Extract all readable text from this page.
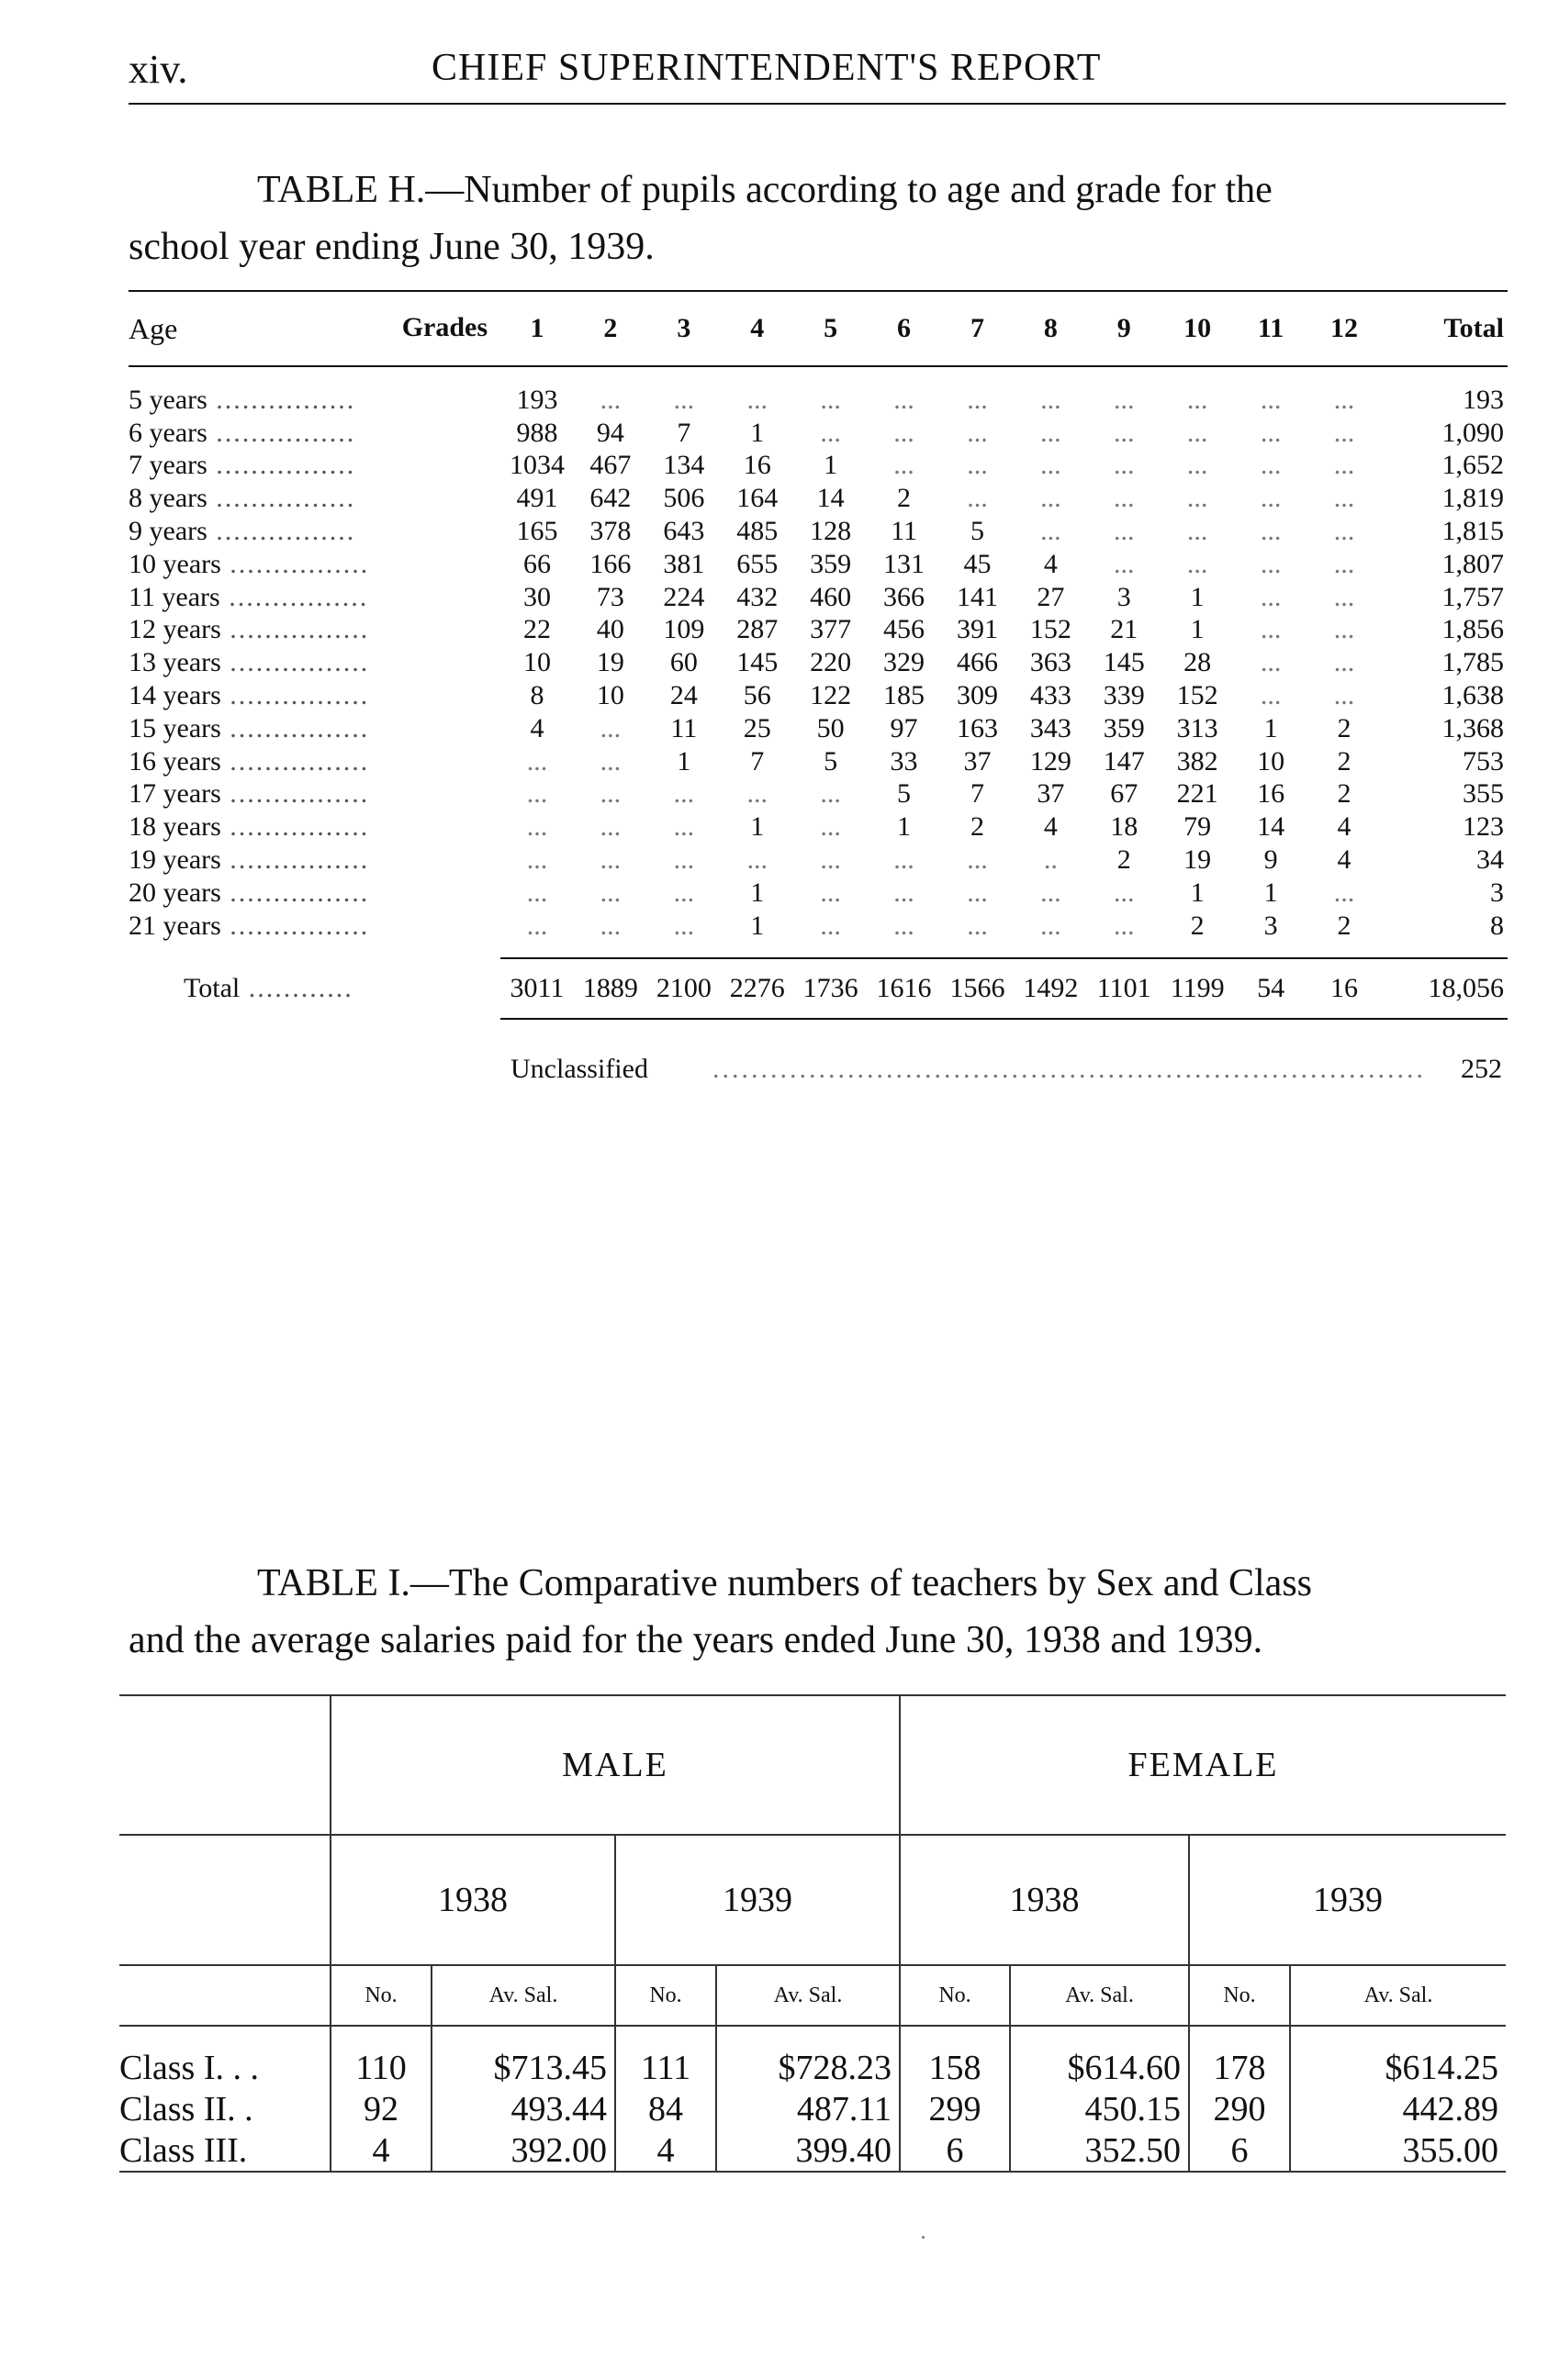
xiv.	CHIEF SUPERINTENDENT'S REPORT
TABLE H.—Number of pupils according to age and grade for the
school year ending June 30, 1939.
Age Grades	1	2	3	4	5	6	7	8	9	10	11	12	Total
5 years ................	193	...	...	...	...	...	...	...	...	...	...	...	193
6 years ................	988	94	7	1	...	...	...	...	...	...	...	...	1,090
7 years ................	1034	467	134	16	1	...	...	...	...	...	...	...	1,652
8 years ................	491	642	506	164	14	2	...	...	...	...	...	...	1,819
9 years ................	165	378	643	485	128	11	5	...	...	...	...	...	1,815
10 years ................	66	166	381	655	359	131	45	4	...	...	...	...	1,807
11 years ................	30	73	224	432	460	366	141	27	3	1	...	...	1,757
12 years ................	22	40	109	287	377	456	391	152	21	1	...	...	1,856
13 years ................	10	19	60	145	220	329	466	363	145	28	...	...	1,785
14 years ................	8	10	24	56	122	185	309	433	339	152	...	...	1,638
15 years ................	4	...	11	25	50	97	163	343	359	313	1	2	1,368
16 years ................	...	...	1	7	5	33	37	129	147	382	10	2	753
17 years ................	...	...	...	...	...	5	7	37	67	221	16	2	355
18 years ................	...	...	...	1	...	1	2	4	18	79	14	4	123
19 years ................	...	...	...	...	...	...	...	..	2	19	9	4	34
20 years ................	...	...	...	1	...	...	...	...	...	1	1	...	3
21 years ................	...	...	...	1	...	...	...	...	...	2	3	2	8

Total ............	3011	1889	2100	2276	1736	1616	1566	1492	1101	1199	54	16	18,056
Unclassified .......................................................................... 252
TABLE I.—The Comparative numbers of teachers by Sex and Class
and the average salaries paid for the years ended June 30, 1938 and 1939.

	MALE				FEMALE			
	1938		1939		1938		1939	
	No.	Av. Sal.	No.	Av. Sal.	No.	Av. Sal.	No.	Av. Sal.
Class I. . .	110	$713.45	111	$728.23	158	$614.60	178	$614.25
Class II. .	92	493.44	84	487.11	299	450.15	290	442.89
Class III.	4	392.00	4	399.40	6	352.50	6	355.00
